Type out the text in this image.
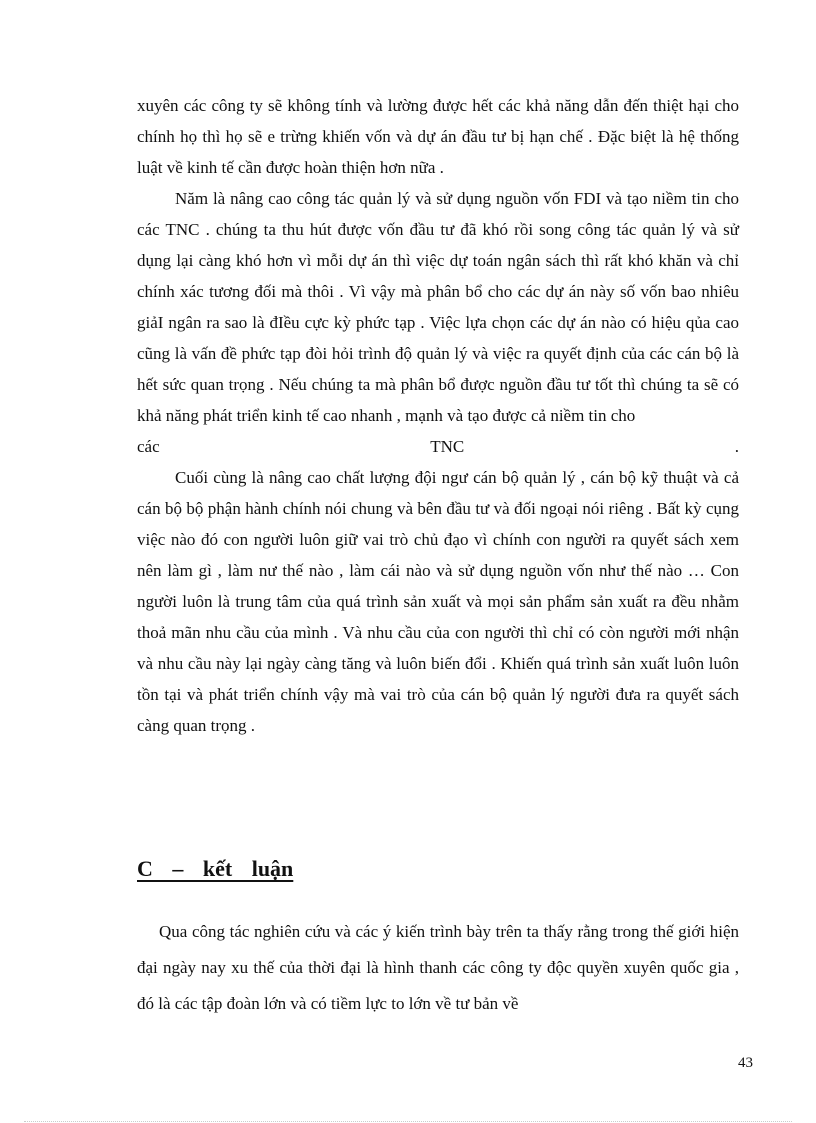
xuyên các công ty sẽ không tính và lường được hết các khả năng dẫn đến thiệt hại cho chính họ thì họ sẽ e trừng khiến vốn và dự án đầu tư bị hạn chế . Đặc biệt là hệ thống luật về kinh tế cần được hoàn thiện hơn nữa .

Năm là nâng cao công tác quản lý và sử dụng nguồn vốn FDI và tạo niềm tin cho các TNC . chúng ta thu hút được vốn đầu tư đã khó rồi song công tác quản lý và sử dụng lại càng khó hơn vì mỗi dự án thì việc dự toán ngân sách thì rất khó khăn và chỉ chính xác tương đối mà thôi . Vì vậy mà phân bổ cho các dự án này số vốn bao nhiêu giảI ngân ra sao là đIều cực kỳ phức tạp . Việc lựa chọn các dự án nào có hiệu qủa cao cũng là vấn đề phức tạp đòi hỏi trình độ quản lý và việc ra quyết định của các cán bộ là hết sức quan trọng . Nếu chúng ta mà phân bổ được nguồn đầu tư tốt thì chúng ta sẽ có khả năng phát triển kinh tế cao nhanh , mạnh và tạo được cả niềm tin cho

các	TNC	.

Cuối cùng là nâng cao chất lượng đội ngư cán bộ quản lý , cán bộ kỹ thuật và cả cán bộ bộ phận hành chính nói chung và bên đầu tư và đối ngoại nói riêng . Bất kỳ cụng việc nào đó con người luôn giữ vai trò chủ đạo vì chính con người ra quyết sách xem nên làm gì , làm nư thế nào , làm cái nào và sử dụng nguồn vốn như thế nào … Con người luôn là trung tâm của quá trình sản xuất và mọi sản phẩm sản xuất ra đều nhằm thoả mãn nhu cầu của mình . Và nhu cầu của con người thì chỉ có còn người mới nhận và nhu cầu này lại ngày càng tăng và luôn biến đổi . Khiến quá trình sản xuất luôn luôn tồn tại và phát triển chính vậy mà vai trò của cán bộ quản lý người đưa ra quyết sách càng quan trọng .

C – kết luận

Qua công tác nghiên cứu và các ý kiến trình bày trên ta thấy rằng trong thế giới hiện đại ngày nay xu thế của thời đại là hình thanh các công ty độc quyền xuyên quốc gia , đó là các tập đoàn lớn và có tiềm lực to lớn về tư bản về

43
